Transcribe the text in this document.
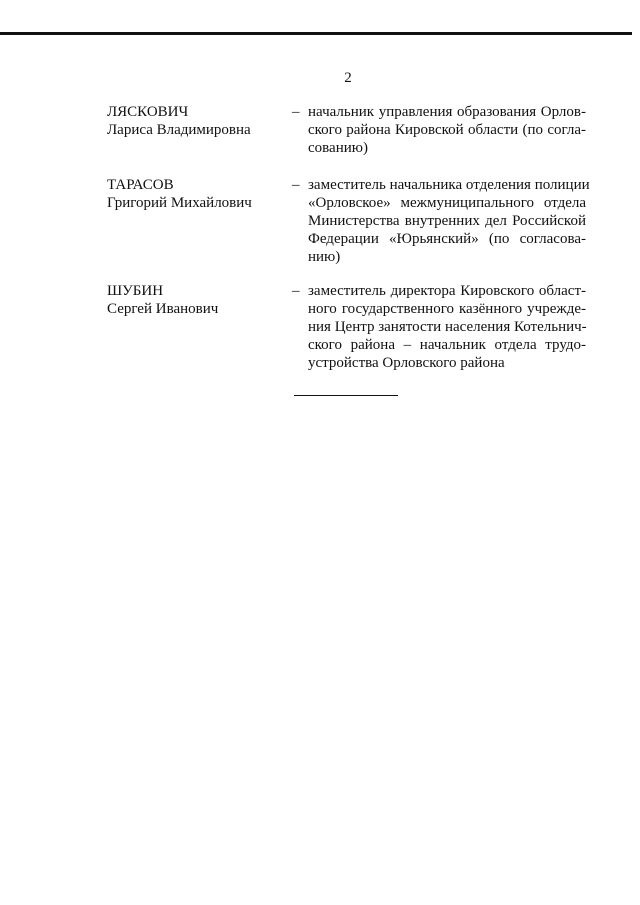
2
ЛЯСКОВИЧ
Лариса Владимировна
– начальник управления образования Орлов-
ского района Кировской области (по согла-
сованию)
ТАРАСОВ
Григорий Михайлович
– заместитель начальника отделения полиции
«Орловское» межмуниципального отдела
Министерства внутренних дел Российской
Федерации «Юрьянский» (по согласова-
нию)
ШУБИН
Сергей Иванович
– заместитель директора Кировского област-
ного государственного казённого учрежде-
ния Центр занятости населения Котельнич-
ского района – начальник отдела трудо-
устройства Орловского района
